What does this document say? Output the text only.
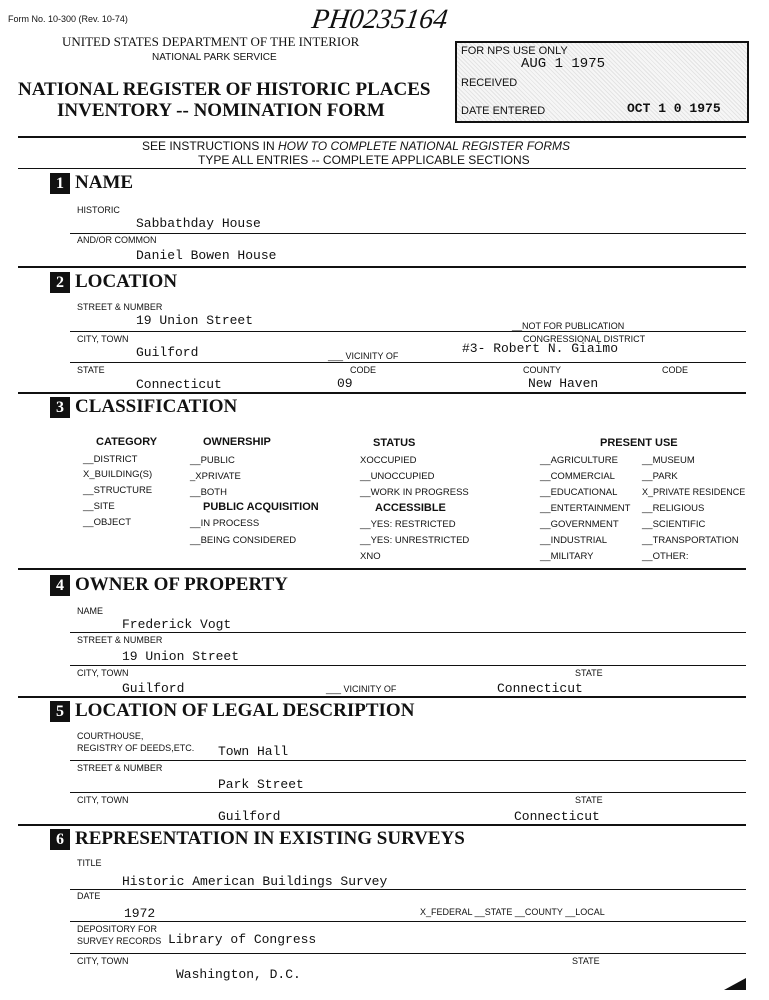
Form No. 10-300 (Rev. 10-74)	PH0235164
UNITED STATES DEPARTMENT OF THE INTERIOR
NATIONAL PARK SERVICE
NATIONAL REGISTER OF HISTORIC PLACES
INVENTORY -- NOMINATION FORM
FOR NPS USE ONLY
RECEIVED
AUG 1 1975
DATE ENTERED	OCT 1 0 1975
SEE INSTRUCTIONS IN HOW TO COMPLETE NATIONAL REGISTER FORMS
TYPE ALL ENTRIES -- COMPLETE APPLICABLE SECTIONS
1 NAME
HISTORIC
Sabbathday House
AND/OR COMMON
Daniel Bowen House
2 LOCATION
STREET & NUMBER
19 Union Street	__NOT FOR PUBLICATION
CITY, TOWN
Guilford	___ VICINITY OF
CONGRESSIONAL DISTRICT
#3- Robert N. Giaimo
STATE
Connecticut
CODE
09
COUNTY
New Haven
CODE
3 CLASSIFICATION
CATEGORY
__DISTRICT
X_BUILDING(S)
__STRUCTURE
__SITE
__OBJECT
OWNERSHIP
__PUBLIC
_XPRIVATE
__BOTH
PUBLIC ACQUISITION
__IN PROCESS
__BEING CONSIDERED
STATUS
XOCCUPIED
__UNOCCUPIED
__WORK IN PROGRESS
ACCESSIBLE
__YES: RESTRICTED
__YES: UNRESTRICTED
XNO
PRESENT USE
__AGRICULTURE
__COMMERCIAL
__EDUCATIONAL
__ENTERTAINMENT
__GOVERNMENT
__INDUSTRIAL
__MILITARY
__MUSEUM
__PARK
X_PRIVATE RESIDENCE
__RELIGIOUS
__SCIENTIFIC
__TRANSPORTATION
__OTHER:
4 OWNER OF PROPERTY
NAME
Frederick Vogt
STREET & NUMBER
19 Union Street
CITY, TOWN
Guilford	___ VICINITY OF
STATE
Connecticut
5 LOCATION OF LEGAL DESCRIPTION
COURTHOUSE,
REGISTRY OF DEEDS,ETC. Town Hall
STREET & NUMBER
Park Street
CITY, TOWN
Guilford
STATE
Connecticut
6 REPRESENTATION IN EXISTING SURVEYS
TITLE
Historic American Buildings Survey
DATE
1972	X_FEDERAL __STATE __COUNTY __LOCAL
DEPOSITORY FOR
SURVEY RECORDS Library of Congress
CITY, TOWN
Washington, D.C.
STATE
